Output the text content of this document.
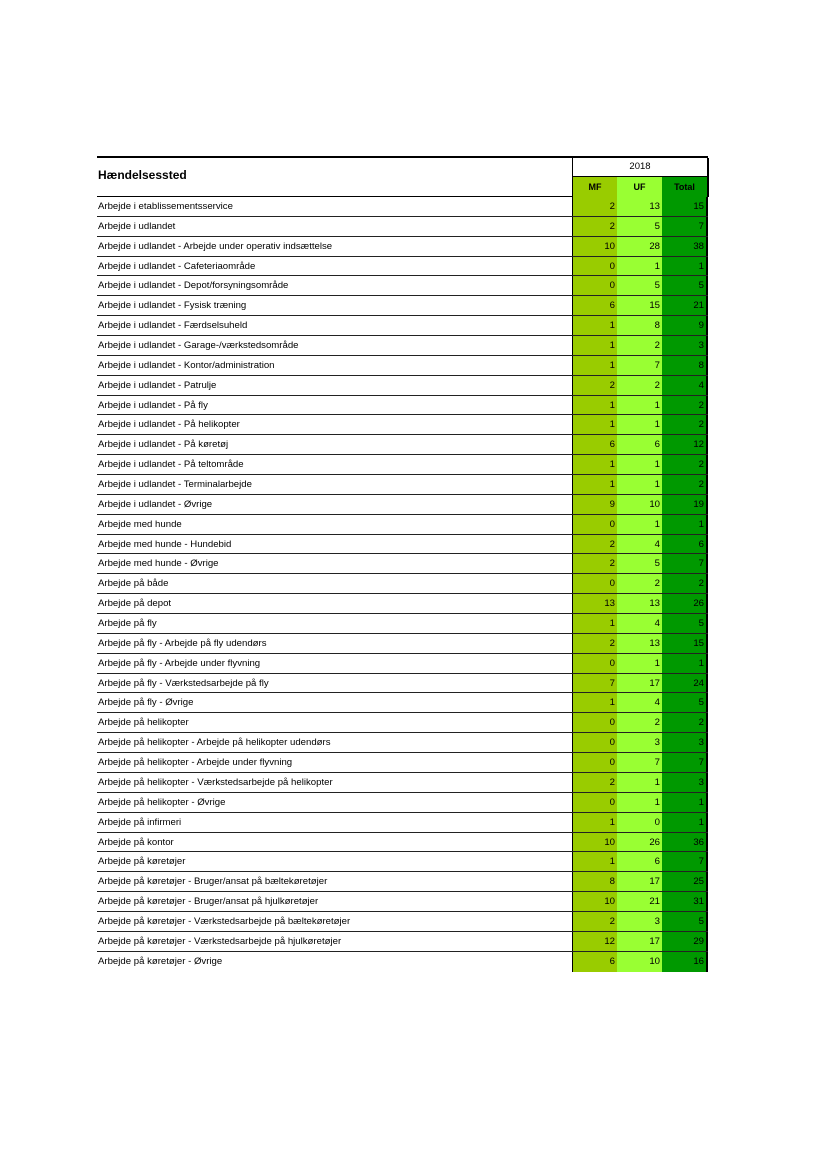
Hændelsessted
2018
MF	UF	Total
Arbejde i etablissementsservice	2	13	15
Arbejde i udlandet	2	5	7
Arbejde i udlandet - Arbejde under operativ indsættelse	10	28	38
Arbejde i udlandet - Cafeteriaområde	0	1	1
Arbejde i udlandet - Depot/forsyningsområde	0	5	5
Arbejde i udlandet - Fysisk træning	6	15	21
Arbejde i udlandet - Færdselsuheld	1	8	9
Arbejde i udlandet - Garage-/værkstedsområde	1	2	3
Arbejde i udlandet - Kontor/administration	1	7	8
Arbejde i udlandet - Patrulje	2	2	4
Arbejde i udlandet - På fly	1	1	2
Arbejde i udlandet - På helikopter	1	1	2
Arbejde i udlandet - På køretøj	6	6	12
Arbejde i udlandet - På teltområde	1	1	2
Arbejde i udlandet - Terminalarbejde	1	1	2
Arbejde i udlandet - Øvrige	9	10	19
Arbejde med hunde	0	1	1
Arbejde med hunde - Hundebid	2	4	6
Arbejde med hunde - Øvrige	2	5	7
Arbejde på både	0	2	2
Arbejde på depot	13	13	26
Arbejde på fly	1	4	5
Arbejde på fly - Arbejde på fly udendørs	2	13	15
Arbejde på fly - Arbejde under flyvning	0	1	1
Arbejde på fly - Værkstedsarbejde på fly	7	17	24
Arbejde på fly - Øvrige	1	4	5
Arbejde på helikopter	0	2	2
Arbejde på helikopter - Arbejde på helikopter udendørs	0	3	3
Arbejde på helikopter - Arbejde under flyvning	0	7	7
Arbejde på helikopter - Værkstedsarbejde på helikopter	2	1	3
Arbejde på helikopter - Øvrige	0	1	1
Arbejde på infirmeri	1	0	1
Arbejde på kontor	10	26	36
Arbejde på køretøjer	1	6	7
Arbejde på køretøjer - Bruger/ansat på bæltekøretøjer	8	17	25
Arbejde på køretøjer - Bruger/ansat på hjulkøretøjer	10	21	31
Arbejde på køretøjer - Værkstedsarbejde på bæltekøretøjer	2	3	5
Arbejde på køretøjer - Værkstedsarbejde på hjulkøretøjer	12	17	29
Arbejde på køretøjer - Øvrige	6	10	16
